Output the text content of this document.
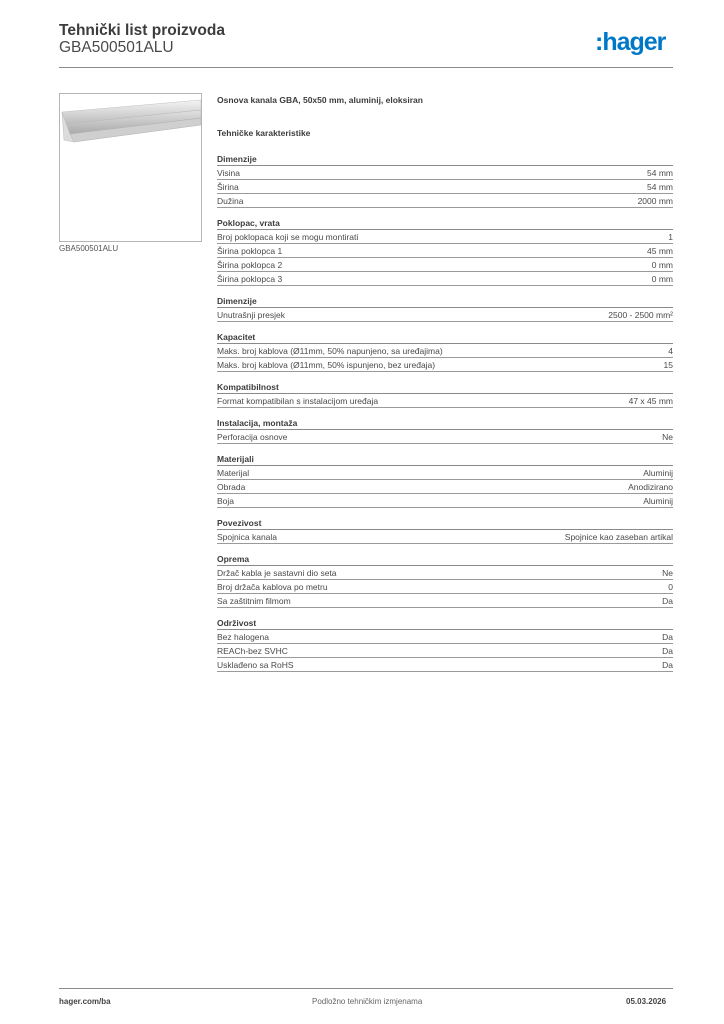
Tehnički list proizvoda
GBA500501ALU	:hager
GBA500501ALU
Osnova kanala GBA, 50x50 mm, aluminij, eloksiran
Tehničke karakteristike
Dimenzije
Visina	54 mm
Širina	54 mm
Dužina	2000 mm
Poklopac, vrata
Broj poklopaca koji se mogu montirati	1
Širina poklopca 1	45 mm
Širina poklopca 2	0 mm
Širina poklopca 3	0 mm
Dimenzije
Unutrašnji presjek	2500 - 2500 mm²
Kapacitet
Maks. broj kablova (Ø11mm, 50% napunjeno, sa uređajima)	4
Maks. broj kablova (Ø11mm, 50% ispunjeno, bez uređaja)	15
Kompatibilnost
Format kompatibilan s instalacijom uređaja	47 x 45 mm
Instalacija, montaža
Perforacija osnove	Ne
Materijali
Materijal	Aluminij
Obrada	Anodizirano
Boja	Aluminij
Povezivost
Spojnica kanala	Spojnice kao zaseban artikal
Oprema
Držač kabla je sastavni dio seta	Ne
Broj držača kablova po metru	0
Sa zaštitnim filmom	Da
Održivost
Bez halogena	Da
REACh-bez SVHC	Da
Usklađeno sa RoHS	Da
hager.com/ba	Podložno tehničkim izmjenama	05.03.2026
